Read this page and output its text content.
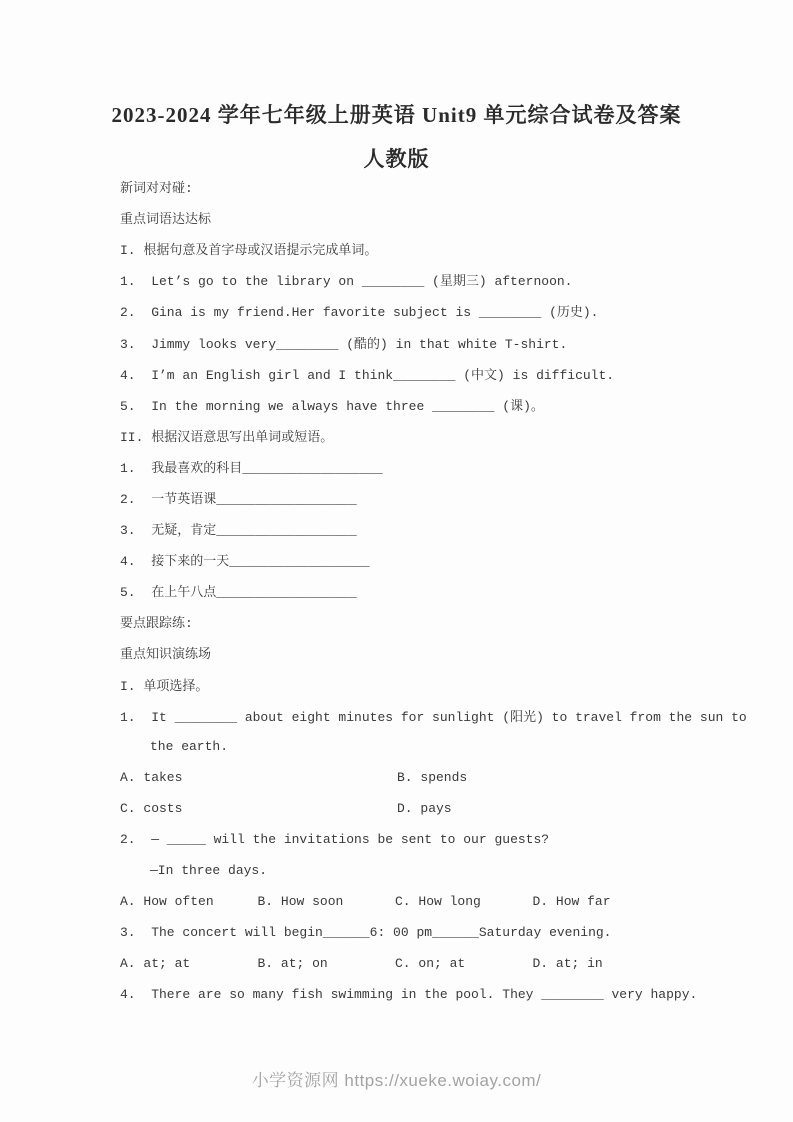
2023-2024 学年七年级上册英语 Unit9 单元综合试卷及答案
人教版
新词对对碰:
重点词语达达标
I. 根据句意及首字母或汉语提示完成单词。
1.  Let’s go to the library on ________ (星期三) afternoon.
2.  Gina is my friend.Her favorite subject is ________ (历史).
3.  Jimmy looks very________ (酷的) in that white T-shirt.
4.  I’m an English girl and I think________ (中文) is difficult.
5.  In the morning we always have three ________ (课)。
II. 根据汉语意思写出单词或短语。
1.  我最喜欢的科目__________________
2.  一节英语课__________________
3.  无疑，肯定__________________
4.  接下来的一天__________________
5.  在上午八点__________________
要点跟踪练:
重点知识演练场
I. 单项选择。
1.  It ________ about eight minutes for sunlight (阳光) to travel from the sun to
the earth.
A. takes	B. spends
C. costs	D. pays
2.  — _____ will the invitations be sent to our guests?
—In three days.
A. How often	B. How soon	C. How long	D. How far
3.  The concert will begin______6: 00 pm______Saturday evening.
A. at; at	B. at; on	C. on; at	D. at; in
4.  There are so many fish swimming in the pool. They ________ very happy.
小学资源网 https://xueke.woiay.com/
